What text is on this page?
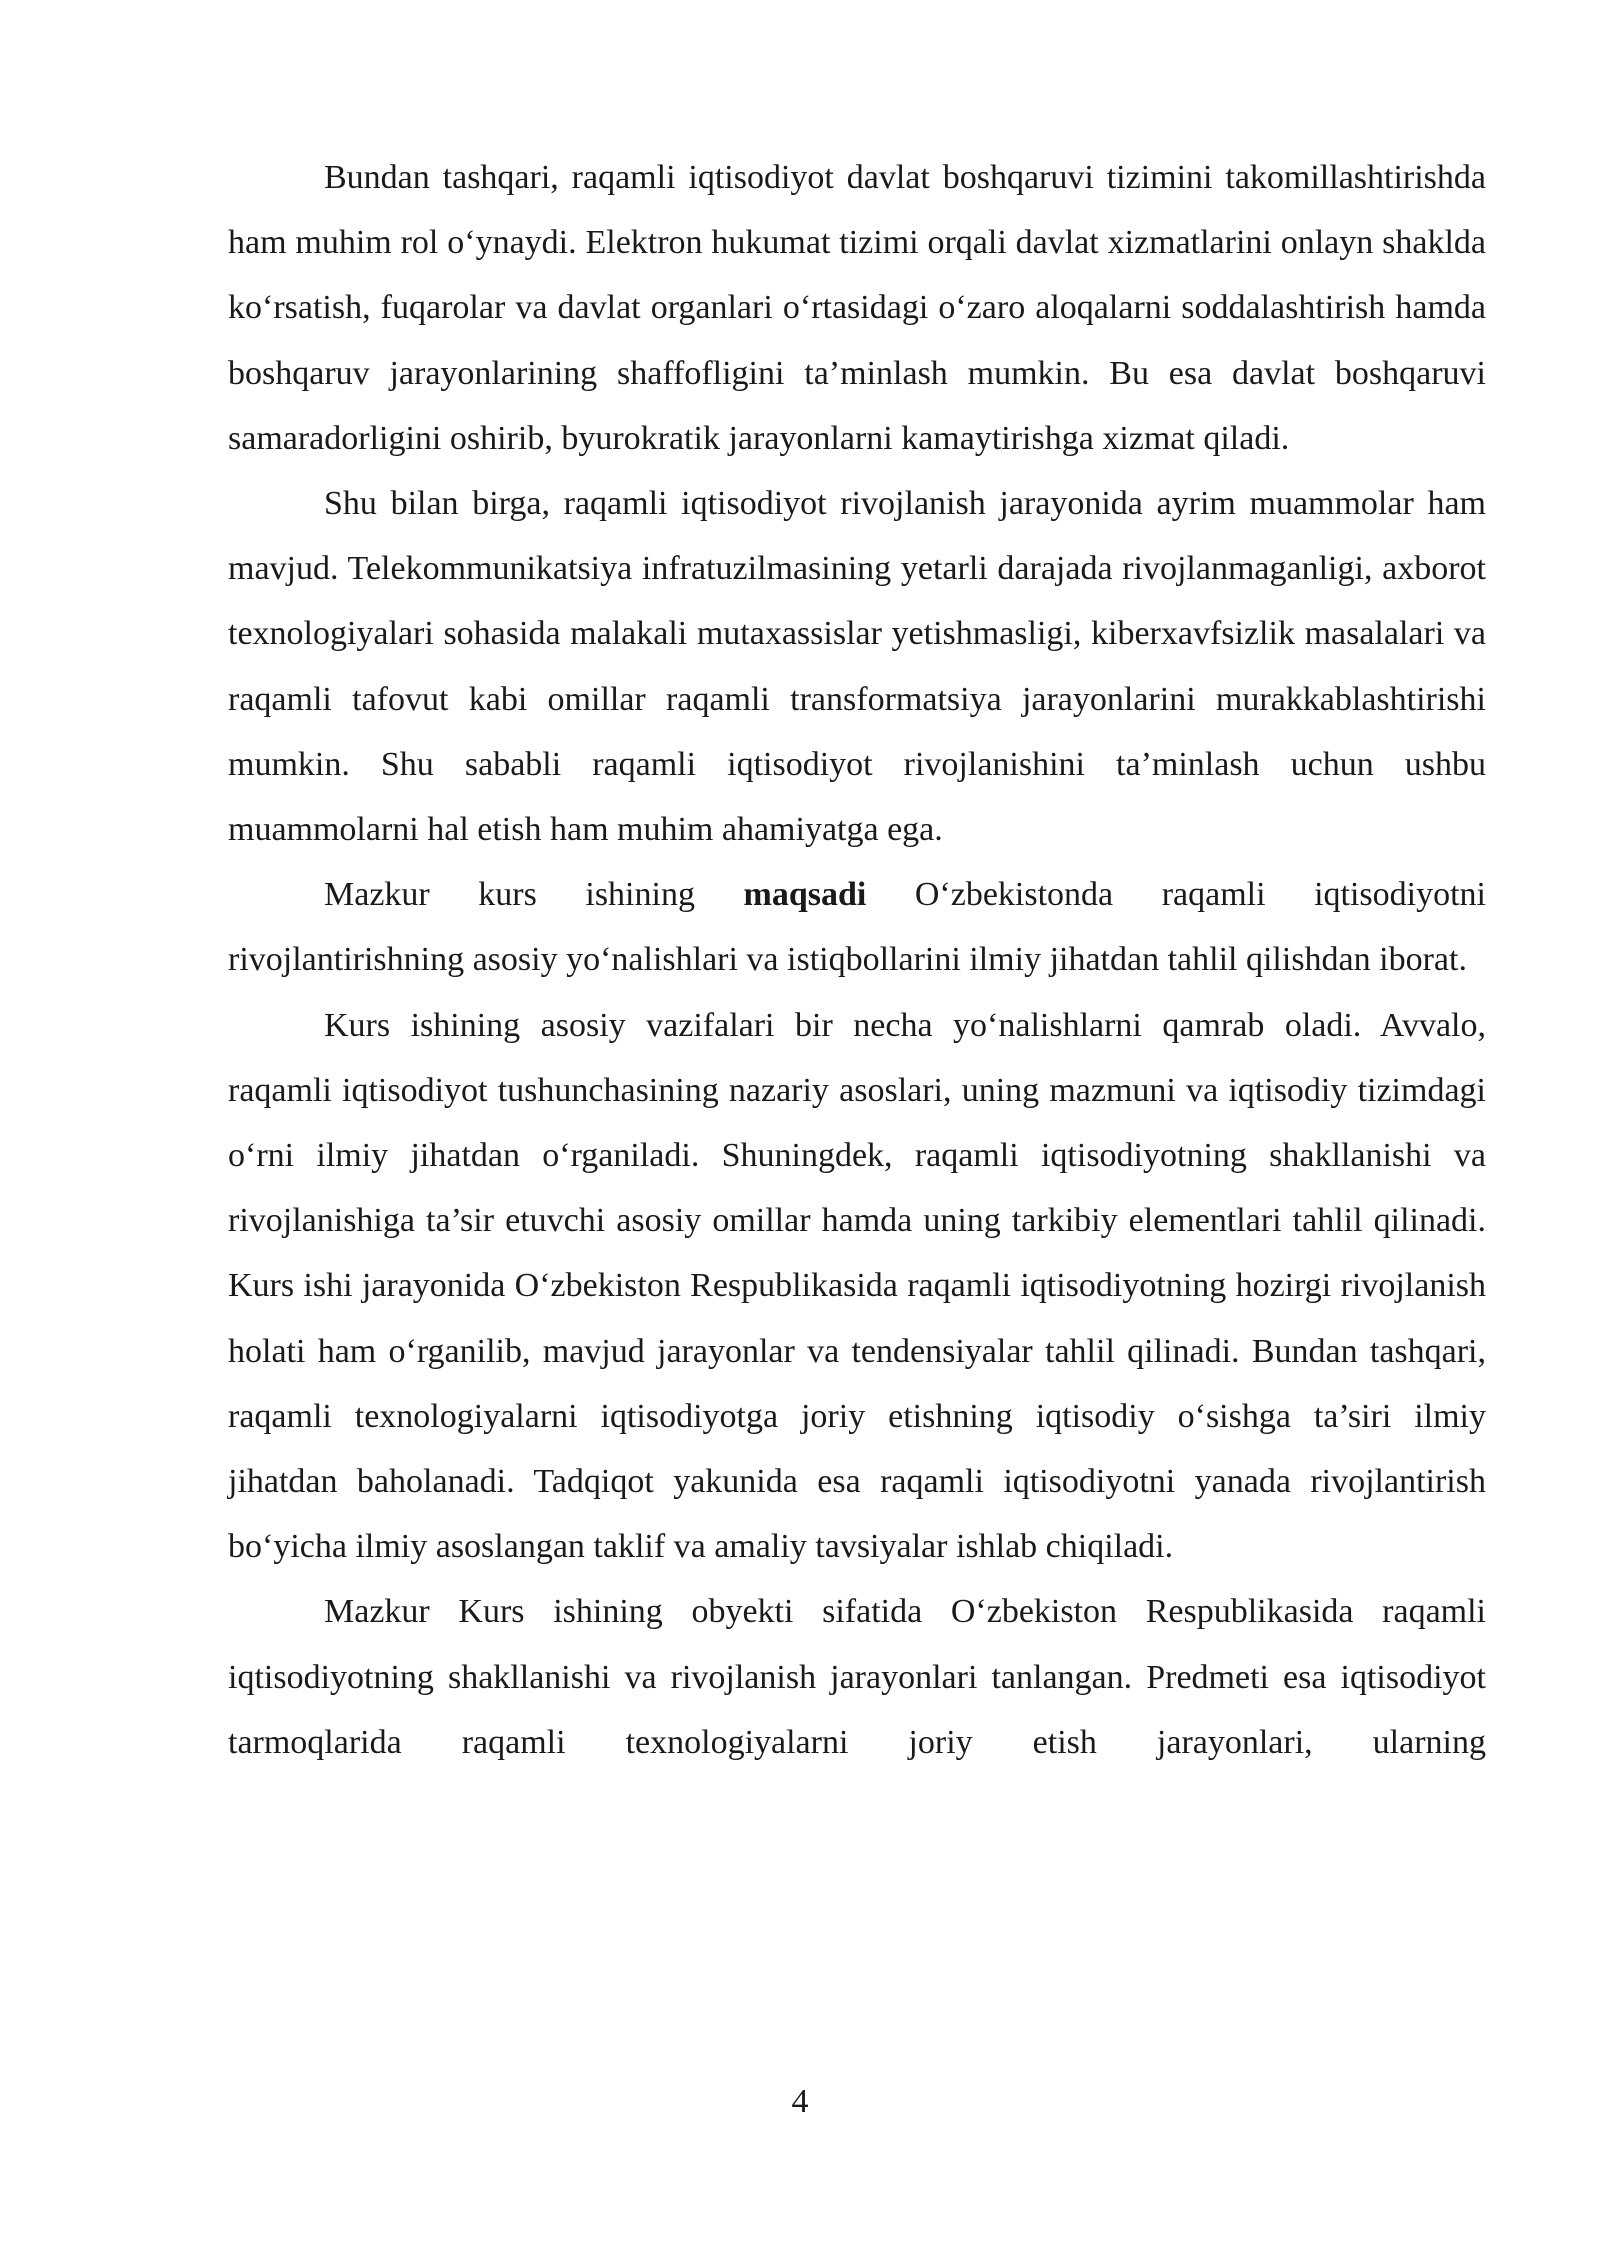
Bundan tashqari, raqamli iqtisodiyot davlat boshqaruvi tizimini takomillashtirishda ham muhim rol o‘ynaydi. Elektron hukumat tizimi orqali davlat xizmatlarini onlayn shaklda ko‘rsatish, fuqarolar va davlat organlari o‘rtasidagi o‘zaro aloqalarni soddalashtirish hamda boshqaruv jarayonlarining shaffofligini ta’minlash mumkin. Bu esa davlat boshqaruvi samaradorligini oshirib, byurokratik jarayonlarni kamaytirishga xizmat qiladi.

Shu bilan birga, raqamli iqtisodiyot rivojlanish jarayonida ayrim muammolar ham mavjud. Telekommunikatsiya infratuzilmasining yetarli darajada rivojlanmaganligi, axborot texnologiyalari sohasida malakali mutaxassislar yetishmasligi, kiberxavfsizlik masalalari va raqamli tafovut kabi omillar raqamli transformatsiya jarayonlarini murakkablashtirishi mumkin. Shu sababli raqamli iqtisodiyot rivojlanishini ta’minlash uchun ushbu muammolarni hal etish ham muhim ahamiyatga ega.

Mazkur kurs ishining maqsadi O‘zbekistonda raqamli iqtisodiyotni rivojlantirishning asosiy yo‘nalishlari va istiqbollarini ilmiy jihatdan tahlil qilishdan iborat.

Kurs ishining asosiy vazifalari bir necha yo‘nalishlarni qamrab oladi. Avvalo, raqamli iqtisodiyot tushunchasining nazariy asoslari, uning mazmuni va iqtisodiy tizimdagi o‘rni ilmiy jihatdan o‘rganiladi. Shuningdek, raqamli iqtisodiyotning shakllanishi va rivojlanishiga ta’sir etuvchi asosiy omillar hamda uning tarkibiy elementlari tahlil qilinadi. Kurs ishi jarayonida O‘zbekiston Respublikasida raqamli iqtisodiyotning hozirgi rivojlanish holati ham o‘rganilib, mavjud jarayonlar va tendensiyalar tahlil qilinadi. Bundan tashqari, raqamli texnologiyalarni iqtisodiyotga joriy etishning iqtisodiy o‘sishga ta’siri ilmiy jihatdan baholanadi. Tadqiqot yakunida esa raqamli iqtisodiyotni yanada rivojlantirish bo‘yicha ilmiy asoslangan taklif va amaliy tavsiyalar ishlab chiqiladi.

Mazkur Kurs ishining obyekti sifatida O‘zbekiston Respublikasida raqamli iqtisodiyotning shakllanishi va rivojlanish jarayonlari tanlangan. Predmeti esa iqtisodiyot tarmoqlarida raqamli texnologiyalarni joriy etish jarayonlari, ularning

4
